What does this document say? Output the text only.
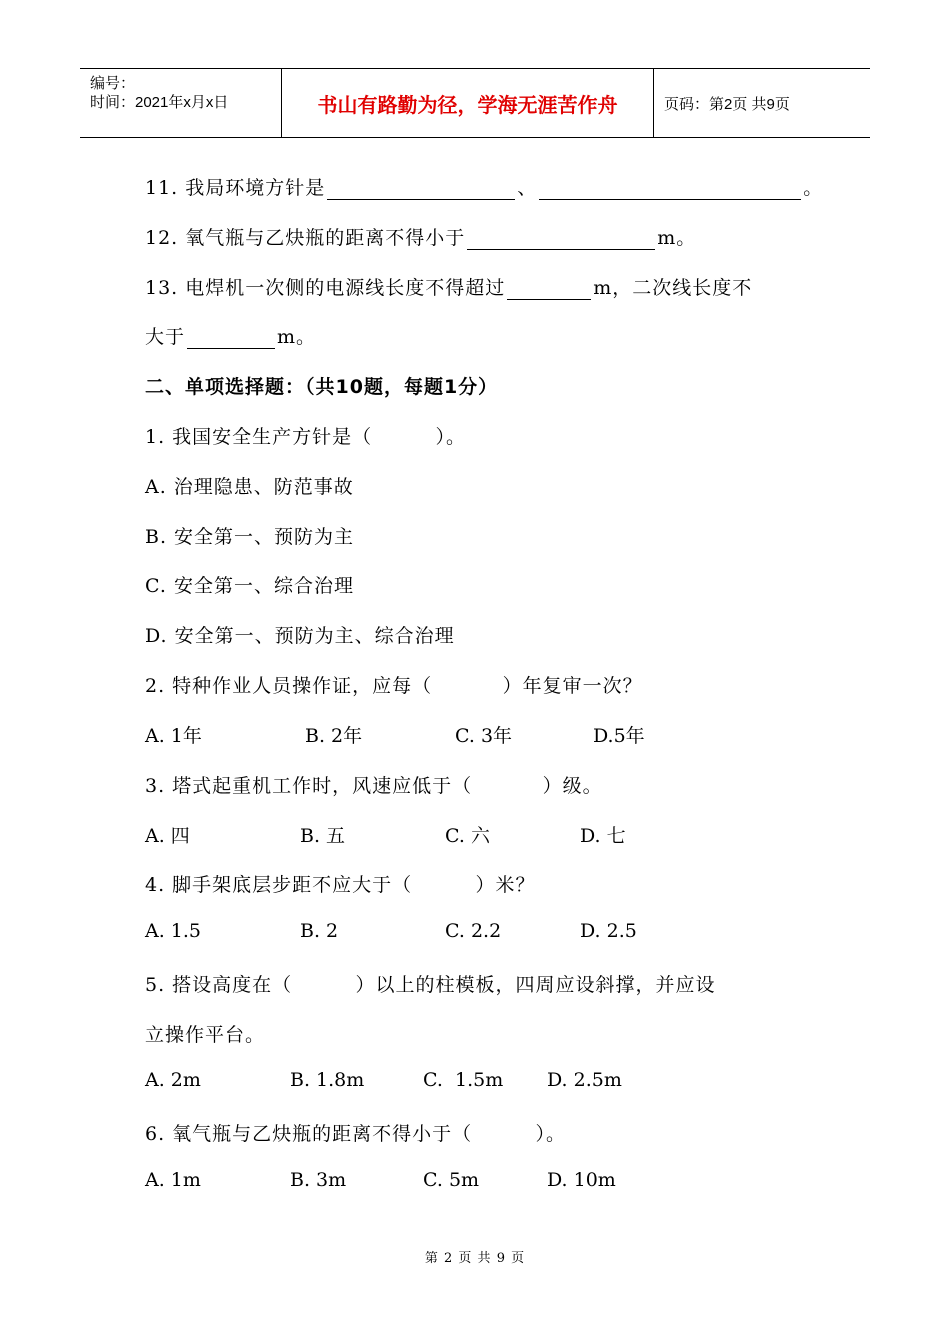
编号：
时间：2021年x月x日	书山有路勤为径，学海无涯苦作舟	页码：第2页 共9页
11. 我局环境方针是	、	。
12. 氧气瓶与乙炔瓶的距离不得小于	m。
13. 电焊机一次侧的电源线长度不得超过	m，二次线长度不
大于	m。
二、单项选择题：（共10题，每题1分）
1. 我国安全生产方针是（         ）。
A. 治理隐患、防范事故
B. 安全第一、预防为主
C. 安全第一、综合治理
D. 安全第一、预防为主、综合治理
2. 特种作业人员操作证，应每（          ）年复审一次？
A. 1年	B. 2年	C. 3年	D.5年
3. 塔式起重机工作时，风速应低于（          ）级。
A. 四	B. 五	C. 六	D. 七
4. 脚手架底层步距不应大于（         ）米？
A. 1.5	B. 2	C. 2.2	D. 2.5
5. 搭设高度在（         ）以上的柱模板，四周应设斜撑，并应设
立操作平台。
A. 2m	B. 1.8m	C.  1.5m D. 2.5m
6. 氧气瓶与乙炔瓶的距离不得小于（         ）。
A. 1m	B. 3m	C. 5m	D. 10m
第 2 页 共 9 页
